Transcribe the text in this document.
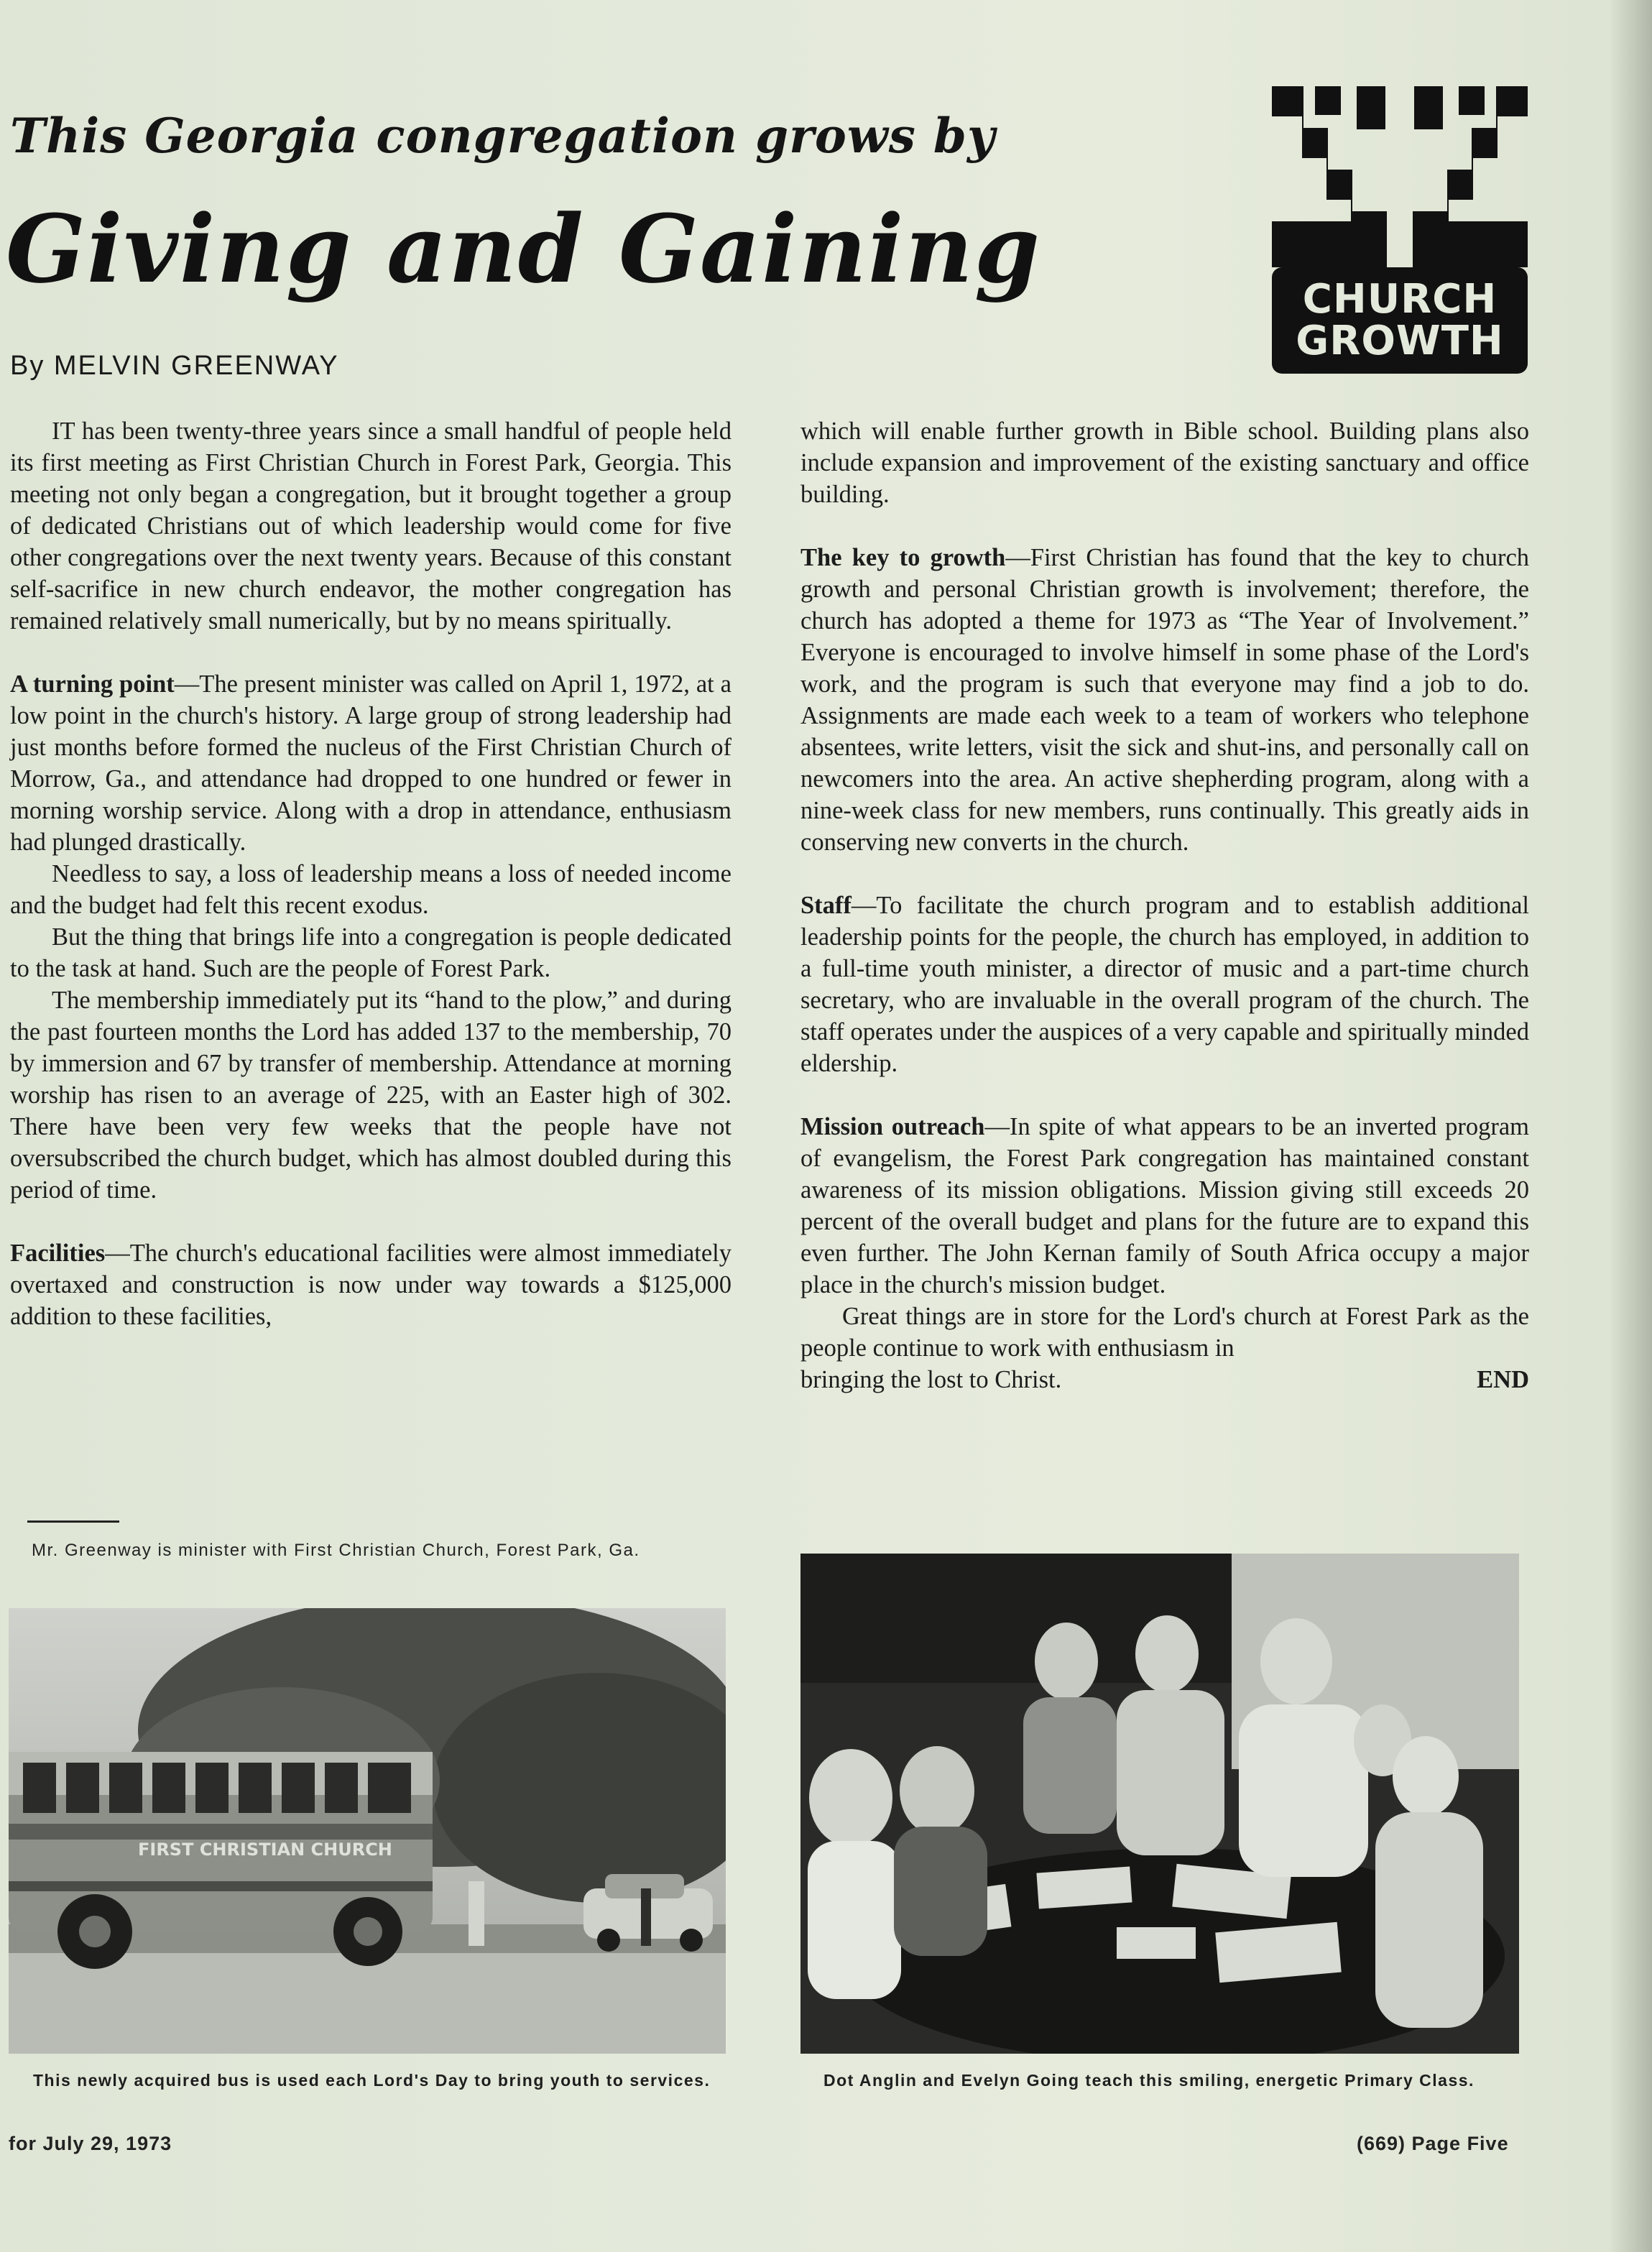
This Georgia congregation grows by
Giving and Gaining
By MELVIN GREENWAY
CHURCH
GROWTH

IT has been twenty-three years since a small handful of people held its first meeting as First Christian Church in Forest Park, Georgia. This meeting not only began a congregation, but it brought together a group of dedicated Christians out of which leadership would come for five other congregations over the next twenty years. Because of this constant self-sacrifice in new church endeavor, the mother congregation has remained relatively small numerically, but by no means spiritually.

A turning point—The present minister was called on April 1, 1972, at a low point in the church's history. A large group of strong leadership had just months before formed the nucleus of the First Christian Church of Morrow, Ga., and attendance had dropped to one hundred or fewer in morning worship service. Along with a drop in attendance, enthusiasm had plunged drastically.

Needless to say, a loss of leadership means a loss of needed income and the budget had felt this recent exodus.

But the thing that brings life into a congregation is people dedicated to the task at hand. Such are the people of Forest Park.

The membership immediately put its “hand to the plow,” and during the past fourteen months the Lord has added 137 to the membership, 70 by immersion and 67 by transfer of membership. Attendance at morning worship has risen to an average of 225, with an Easter high of 302. There have been very few weeks that the people have not oversubscribed the church budget, which has almost doubled during this period of time.

Facilities—The church's educational facilities were almost immediately overtaxed and construction is now under way towards a $125,000 addition to these facilities,

which will enable further growth in Bible school. Building plans also include expansion and improvement of the existing sanctuary and office building.

The key to growth—First Christian has found that the key to church growth and personal Christian growth is involvement; therefore, the church has adopted a theme for 1973 as “The Year of Involvement.” Everyone is encouraged to involve himself in some phase of the Lord's work, and the program is such that everyone may find a job to do. Assignments are made each week to a team of workers who telephone absentees, write letters, visit the sick and shut-ins, and personally call on newcomers into the area. An active shepherding program, along with a nine-week class for new members, runs continually. This greatly aids in conserving new converts in the church.

Staff—To facilitate the church program and to establish additional leadership points for the people, the church has employed, in addition to a full-time youth minister, a director of music and a part-time church secretary, who are invaluable in the overall program of the church. The staff operates under the auspices of a very capable and spiritually minded eldership.

Mission outreach—In spite of what appears to be an inverted program of evangelism, the Forest Park congregation has maintained constant awareness of its mission obligations. Mission giving still exceeds 20 percent of the overall budget and plans for the future are to expand this even further. The John Kernan family of South Africa occupy a major place in the church's mission budget.

Great things are in store for the Lord's church at Forest Park as the people continue to work with enthusiasm in

bringing the lost to Christ.	END
Mr. Greenway is minister with First Christian Church, Forest Park, Ga.
FIRST CHRISTIAN CHURCH
This newly acquired bus is used each Lord's Day to bring youth to services.	Dot Anglin and Evelyn Going teach this smiling, energetic Primary Class.
for July 29, 1973	(669) Page Five
